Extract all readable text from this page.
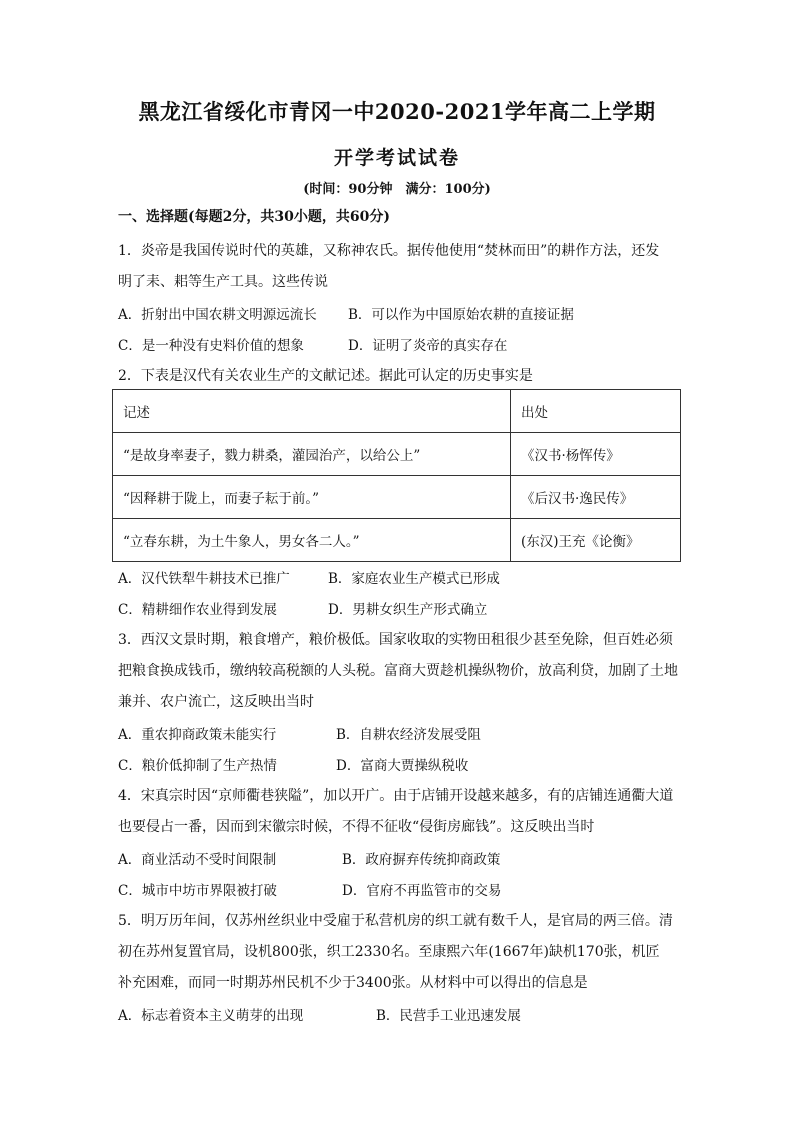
黑龙江省绥化市青冈一中2020-2021学年高二上学期
开学考试试卷
(时间：90分钟　满分：100分)
一、选择题(每题2分，共30小题，共60分)
1．炎帝是我国传说时代的英雄，又称神农氏。据传他使用“焚林而田”的耕作方法，还发
明了耒、耜等生产工具。这些传说
A．折射出中国农耕文明源远流长 B．可以作为中国原始农耕的直接证据
C．是一种没有史料价值的想象	D．证明了炎帝的真实存在
2．下表是汉代有关农业生产的文献记述。据此可认定的历史事实是
记述	出处
“是故身率妻子，戮力耕桑，灌园治产，以给公上”	《汉书·杨恽传》
“因释耕于陇上，而妻子耘于前。”	《后汉书·逸民传》
“立春东耕，为土牛象人，男女各二人。”	(东汉)王充《论衡》
A．汉代铁犁牛耕技术已推广	B．家庭农业生产模式已形成
C．精耕细作农业得到发展	D．男耕女织生产形式确立
3．西汉文景时期，粮食增产，粮价极低。国家收取的实物田租很少甚至免除，但百姓必须
把粮食换成钱币，缴纳较高税额的人头税。富商大贾趁机操纵物价，放高利贷，加剧了土地
兼并、农户流亡，这反映出当时
A．重农抑商政策未能实行	B．自耕农经济发展受阻
C．粮价低抑制了生产热情	D．富商大贾操纵税收
4．宋真宗时因“京师衢巷狭隘”，加以开广。由于店铺开设越来越多，有的店铺连通衢大道
也要侵占一番，因而到宋徽宗时候，不得不征收“侵街房廊钱”。这反映出当时
A．商业活动不受时间限制	B．政府摒弃传统抑商政策
C．城市中坊市界限被打破	D．官府不再监管市的交易
5．明万历年间，仅苏州丝织业中受雇于私营机房的织工就有数千人，是官局的两三倍。清
初在苏州复置官局，设机800张，织工2330名。至康熙六年(1667年)缺机170张，机匠
补充困难，而同一时期苏州民机不少于3400张。从材料中可以得出的信息是
A．标志着资本主义萌芽的出现	B．民营手工业迅速发展
